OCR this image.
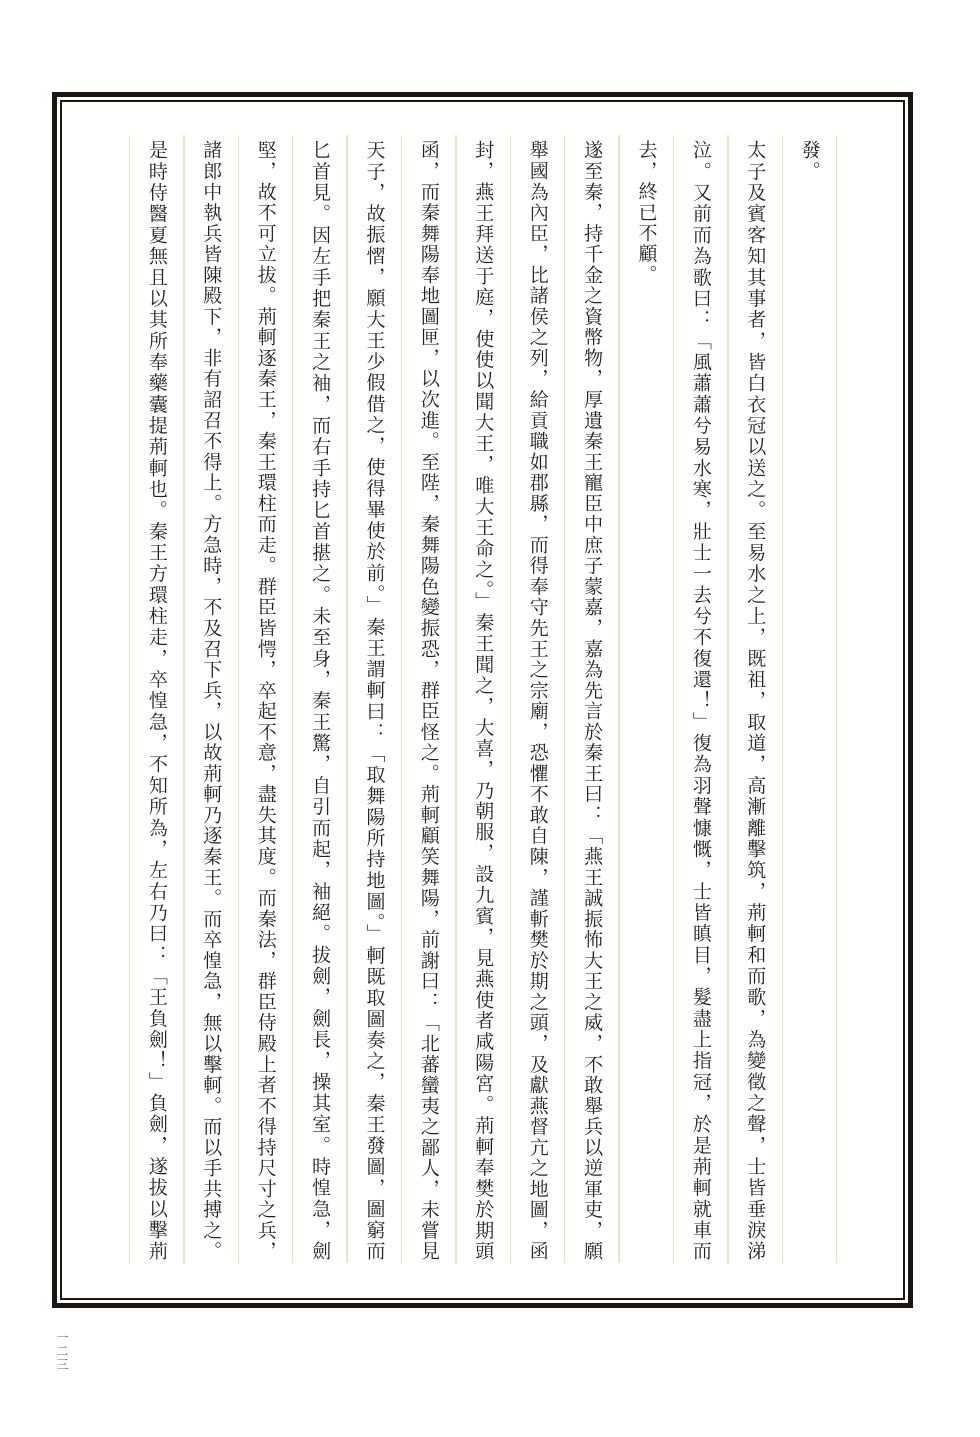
發。
太子及賓客知其事者，皆白衣冠以送之。至易水之上，既祖，取道，高漸離擊筑，荊軻和而歌，為變徵之聲，士皆垂淚涕
泣。又前而為歌曰：「風蕭蕭兮易水寒，壯士一去兮不復還！」復為羽聲慷慨，士皆瞋目，髮盡上指冠，於是荊軻就車而
去，終已不顧。
遂至秦，持千金之資幣物，厚遺秦王寵臣中庶子蒙嘉，嘉為先言於秦王曰：「燕王誠振怖大王之威，不敢舉兵以逆軍吏，願
舉國為內臣，比諸侯之列，給貢職如郡縣，而得奉守先王之宗廟，恐懼不敢自陳，謹斬樊於期之頭，及獻燕督亢之地圖，函
封，燕王拜送于庭，使使以聞大王，唯大王命之。」秦王聞之，大喜，乃朝服，設九賓，見燕使者咸陽宮。荊軻奉樊於期頭
函，而秦舞陽奉地圖匣，以次進。至陛，秦舞陽色變振恐，群臣怪之。荊軻顧笑舞陽，前謝曰：「北蕃蠻夷之鄙人，未嘗見
天子，故振慴，願大王少假借之，使得畢使於前。」秦王謂軻曰：「取舞陽所持地圖。」軻既取圖奏之，秦王發圖，圖窮而
匕首見。因左手把秦王之袖，而右手持匕首揕之。未至身，秦王驚，自引而起，袖絕。拔劍，劍長，操其室。時惶急，劍
堅，故不可立拔。荊軻逐秦王，秦王環柱而走。群臣皆愕，卒起不意，盡失其度。而秦法，群臣侍殿上者不得持尺寸之兵，
諸郎中執兵皆陳殿下，非有詔召不得上。方急時，不及召下兵，以故荊軻乃逐秦王。而卒惶急，無以擊軻。而以手共搏之。
是時侍醫夏無且以其所奉藥囊提荊軻也。秦王方環柱走，卒惶急，不知所為，左右乃曰：「王負劍！」負劍，遂拔以擊荊
一二三
